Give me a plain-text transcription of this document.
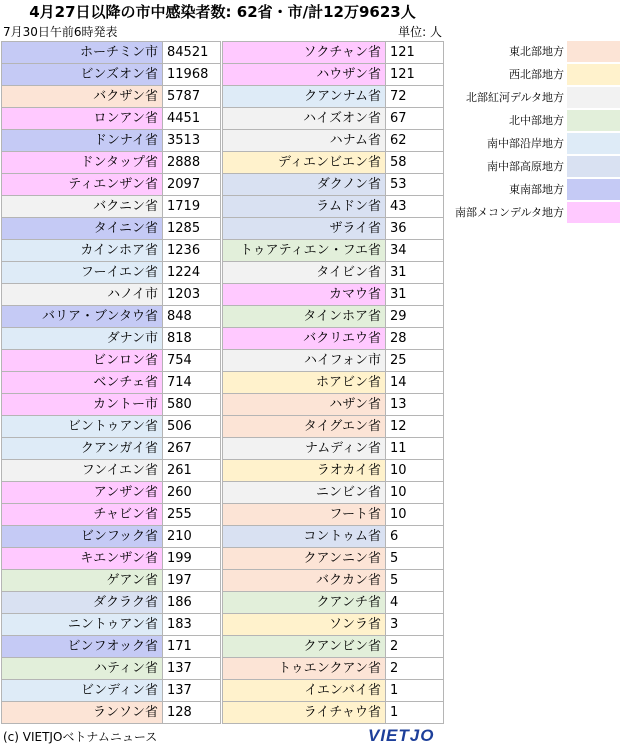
4月27日以降の市中感染者数: 62省・市/計12万9623人
7月30日午前6時発表	単位: 人
ホーチミン市	84521
ビンズオン省	11968
バクザン省	5787
ロンアン省	4451
ドンナイ省	3513
ドンタップ省	2888
ティエンザン省	2097
バクニン省	1719
タイニン省	1285
カインホア省	1236
フーイエン省	1224
ハノイ市	1203
バリア・ブンタウ省	848
ダナン市	818
ビンロン省	754
ベンチェ省	714
カントー市	580
ビントゥアン省	506
クアンガイ省	267
フンイエン省	261
アンザン省	260
チャビン省	255
ビンフック省	210
キエンザン省	199
ゲアン省	197
ダクラク省	186
ニントゥアン省	183
ビンフオック省	171
ハティン省	137
ビンディン省	137
ランソン省	128
ソクチャン省	121
ハウザン省	121
クアンナム省	72
ハイズオン省	67
ハナム省	62
ディエンビエン省	58
ダクノン省	53
ラムドン省	43
ザライ省	36
トゥアティエン・フエ省	34
タイビン省	31
カマウ省	31
タインホア省	29
バクリエウ省	28
ハイフォン市	25
ホアビン省	14
ハザン省	13
タイグエン省	12
ナムディン省	11
ラオカイ省	10
ニンビン省	10
フート省	10
コントゥム省	6
クアンニン省	5
バクカン省	5
クアンチ省	4
ソンラ省	3
クアンビン省	2
トゥエンクアン省	2
イエンバイ省	1
ライチャウ省	1
東北部地方	

西北部地方	

北部紅河デルタ地方	

北中部地方	

南中部沿岸地方	

南中部高原地方	

東南部地方	

南部メコンデルタ地方	
(c) VIETJOベトナムニュース	VIETJO
